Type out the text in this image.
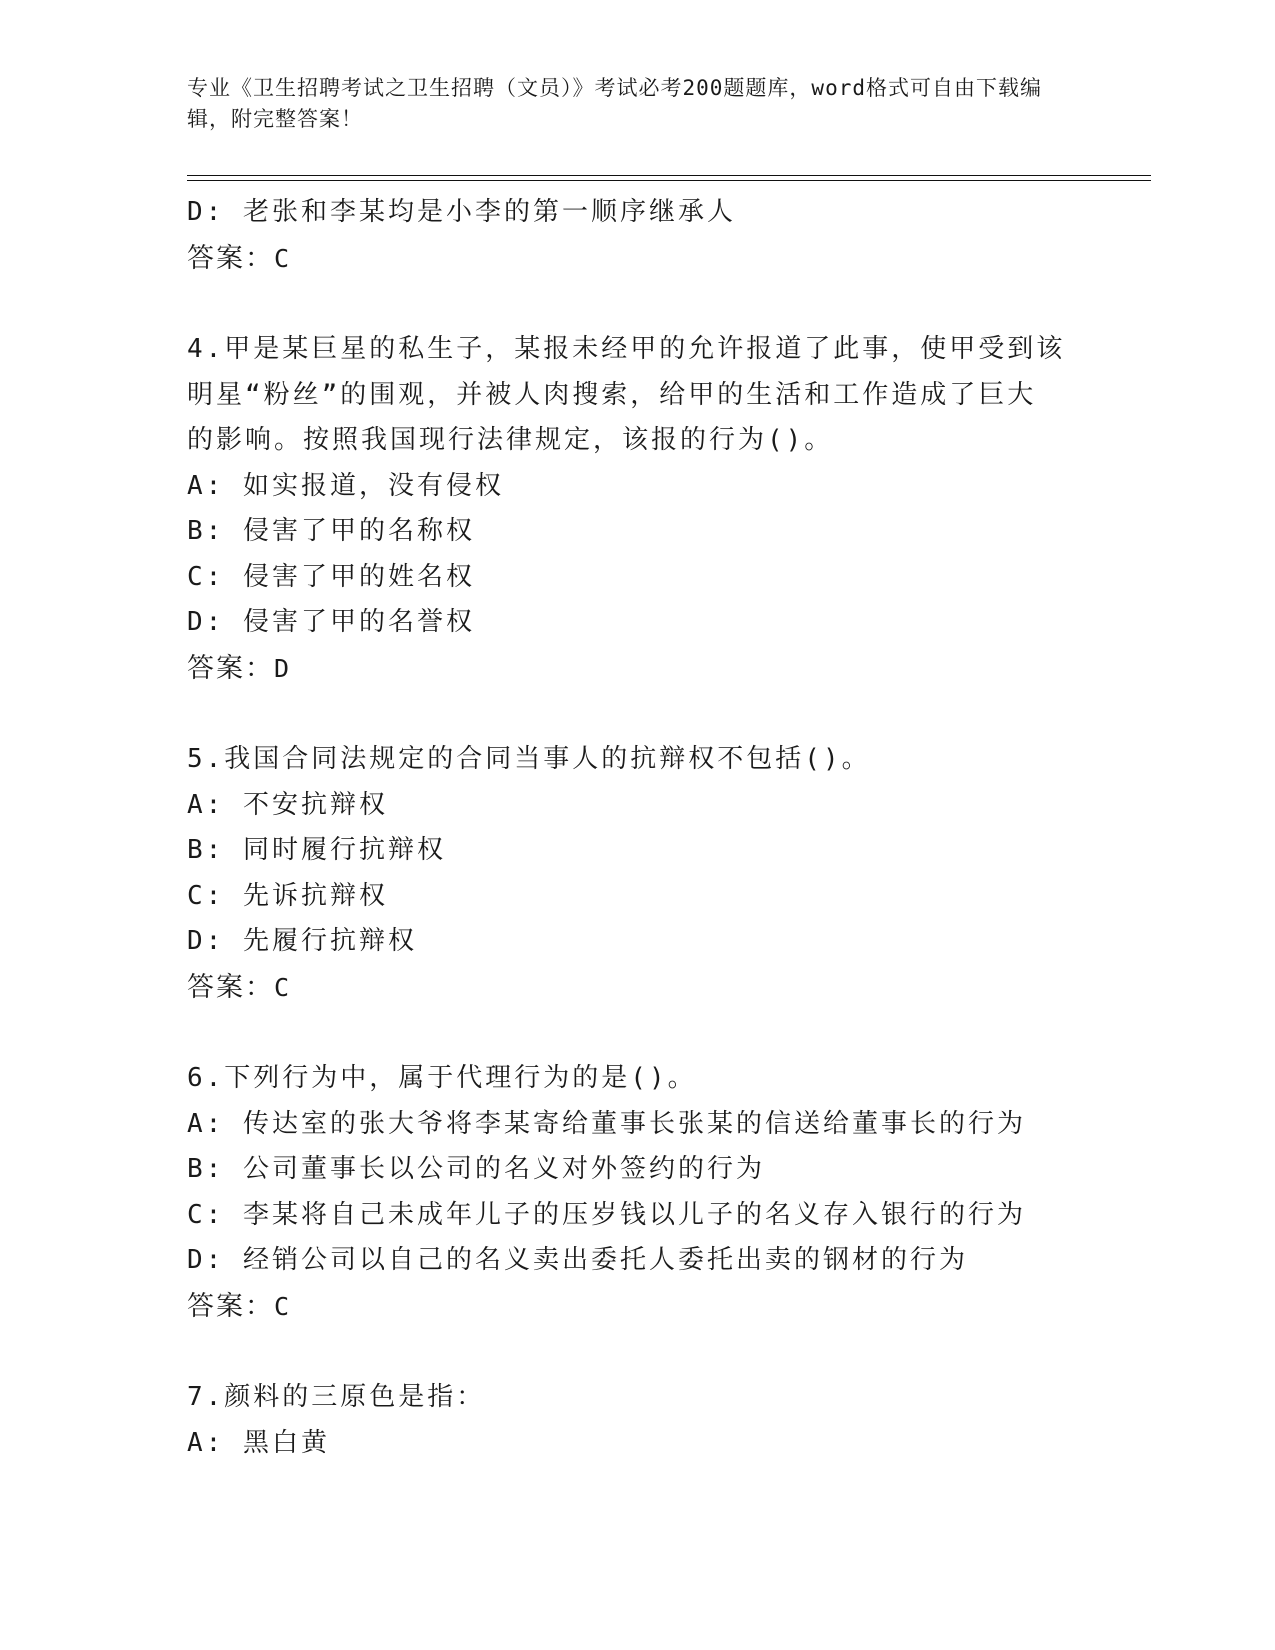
专业《卫生招聘考试之卫生招聘（文员）》考试必考200题题库，word格式可自由下载编辑，附完整答案！
D: 老张和李某均是小李的第一顺序继承人
答案：C
4.甲是某巨星的私生子，某报未经甲的允许报道了此事，使甲受到该
明星“粉丝”的围观，并被人肉搜索，给甲的生活和工作造成了巨大
的影响。按照我国现行法律规定，该报的行为()。
A: 如实报道，没有侵权
B: 侵害了甲的名称权
C: 侵害了甲的姓名权
D: 侵害了甲的名誉权
答案：D
5.我国合同法规定的合同当事人的抗辩权不包括()。
A: 不安抗辩权
B: 同时履行抗辩权
C: 先诉抗辩权
D: 先履行抗辩权
答案：C
6.下列行为中，属于代理行为的是()。
A: 传达室的张大爷将李某寄给董事长张某的信送给董事长的行为
B: 公司董事长以公司的名义对外签约的行为
C: 李某将自己未成年儿子的压岁钱以儿子的名义存入银行的行为
D: 经销公司以自己的名义卖出委托人委托出卖的钢材的行为
答案：C
7.颜料的三原色是指：
A: 黑白黄
